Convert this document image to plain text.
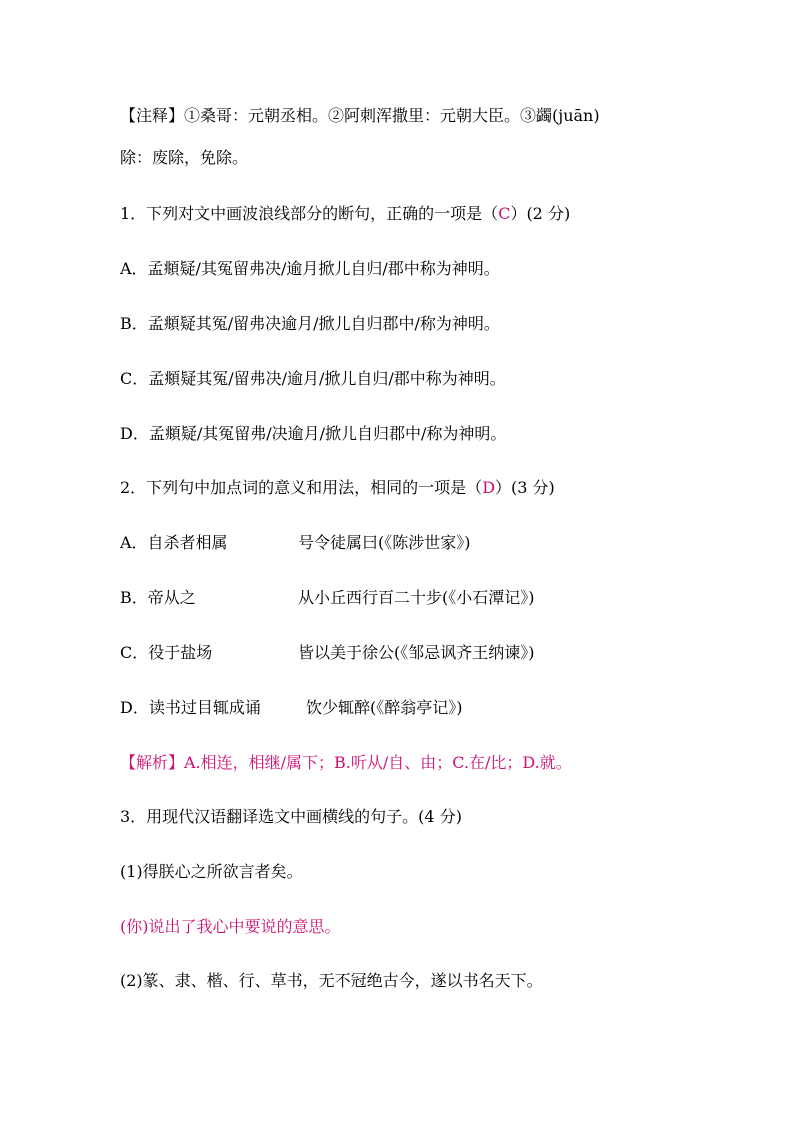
【注释】①桑哥：元朝丞相。②阿刺浑撒里：元朝大臣。③蠲(juān)
除：废除，免除。
1．下列对文中画波浪线部分的断句，正确的一项是（C）(2 分)
A．孟頫疑/其冤留弗决/逾月掀儿自归/郡中称为神明。
B．孟頫疑其冤/留弗决逾月/掀儿自归郡中/称为神明。
C．孟頫疑其冤/留弗决/逾月/掀儿自归/郡中称为神明。
D．孟頫疑/其冤留弗/决逾月/掀儿自归郡中/称为神明。
2．下列句中加点词的意义和用法，相同的一项是（D）(3 分)
A．自杀者相属	号令徒属曰(《陈涉世家》)
B．帝从之	从小丘西行百二十步(《小石潭记》)
C．役于盐场	皆以美于徐公(《邹忌讽齐王纳谏》)
D．读书过目辄成诵	饮少辄醉(《醉翁亭记》)
【解析】A.相连，相继/属下；B.听从/自、由；C.在/比；D.就。
3．用现代汉语翻译选文中画横线的句子。(4 分)
(1)得朕心之所欲言者矣。
(你)说出了我心中要说的意思。
(2)篆、隶、楷、行、草书，无不冠绝古今，遂以书名天下。
